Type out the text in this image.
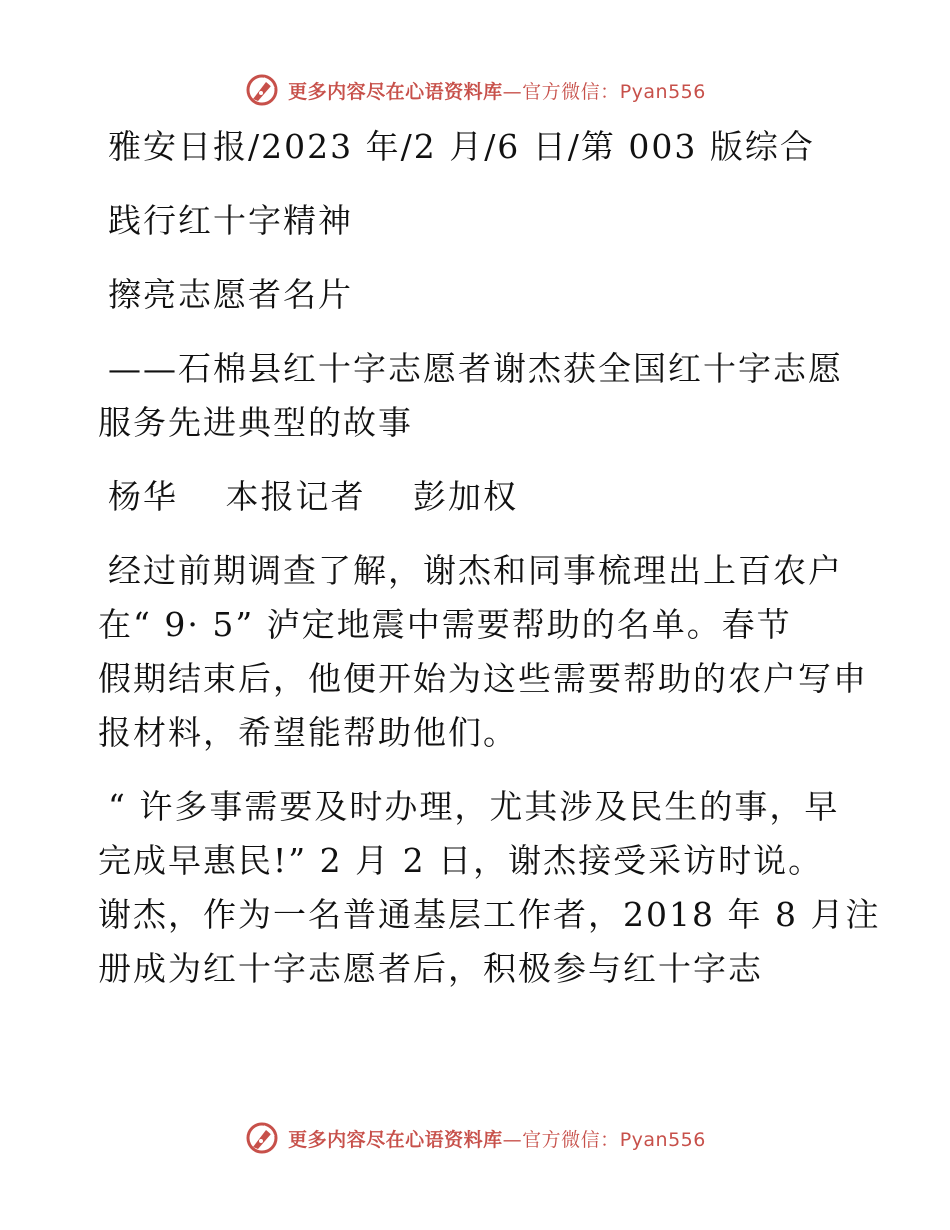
更多内容尽在心语资料库—官方微信：Pyan556

雅安日报/2023 年/2 月/6 日/第 003 版综合

践行红十字精神

擦亮志愿者名片

——石棉县红十字志愿者谢杰获全国红十字志愿

服务先进典型的故事

杨华　 本报记者　 彭加权

经过前期调查了解，谢杰和同事梳理出上百农户
在“ 9· 5” 泸定地震中需要帮助的名单。春节
假期结束后，他便开始为这些需要帮助的农户写申
报材料，希望能帮助他们。
“ 许多事需要及时办理，尤其涉及民生的事，早
完成早惠民!” 2 月 2 日，谢杰接受采访时说。
谢杰，作为一名普通基层工作者，2018 年 8 月注
册成为红十字志愿者后，积极参与红十字志
更多内容尽在心语资料库—官方微信：Pyan556
